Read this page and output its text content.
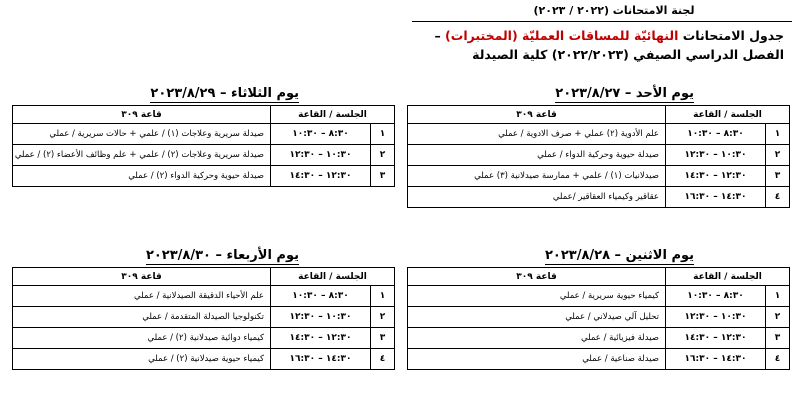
لجنة الامتحانات (٢٠٢٢ / ٢٠٢٣)
جدول الامتحانات النهائيّة للمساقات العمليّة (المختبرات) – الفصل الدراسي الصيفي (٢٠٢٢/٢٠٢٣) كلية الصيدلة
يوم الأحد – ٢٠٢٣/٨/٢٧
الجلسة / القاعة		قاعة ٣٠٩
١	٨:٣٠ – ١٠:٣٠	علم الأدوية (٢) عملي + صرف الادوية / عملي
٢	١٠:٣٠ – ١٢:٣٠	صيدلة حيوية وحركية الدواء / عملي
٣	١٢:٣٠ – ١٤:٣٠	صيدلانيات (١) / علمي + ممارسة صيدلانية (٣) عملي
٤	١٤:٣٠ – ١٦:٣٠	عقاقير وكيمياء العقاقير /عملي
يوم الثلاثاء – ٢٠٢٣/٨/٢٩
الجلسة / القاعة		قاعة ٣٠٩
١	٨:٣٠ – ١٠:٣٠	صيدلة سريرية وعلاجات (١) / علمي + حالات سريرية / عملي
٢	١٠:٣٠ – ١٢:٣٠	صيدلة سريرية وعلاجات (٢) / علمي + علم وظائف الأعضاء (٢) / عملي
٣	١٢:٣٠ – ١٤:٣٠	صيدلة حيوية وحركية الدواء (٢) / عملي
يوم الاثنين – ٢٠٢٣/٨/٢٨
الجلسة / القاعة		قاعة ٣٠٩
١	٨:٣٠ – ١٠:٣٠	كيمياء حيوية سريرية / عملي
٢	١٠:٣٠ – ١٢:٣٠	تحليل آلي صيدلاني / عملي
٣	١٢:٣٠ – ١٤:٣٠	صيدلة فيزيائية / عملي
٤	١٤:٣٠ – ١٦:٣٠	صيدلة صناعية / عملي
يوم الأربعاء – ٢٠٢٣/٨/٣٠
الجلسة / القاعة		قاعة ٣٠٩
١	٨:٣٠ – ١٠:٣٠	علم الأحياء الدقيقة الصيدلانية / عملي
٢	١٠:٣٠ – ١٢:٣٠	تكنولوجيا الصيدلة المتقدمة / عملي
٣	١٢:٣٠ – ١٤:٣٠	كيمياء دوائية صيدلانية (٢) / عملي
٤	١٤:٣٠ – ١٦:٣٠	كيمياء حيوية صيدلانية (٢) / عملي
